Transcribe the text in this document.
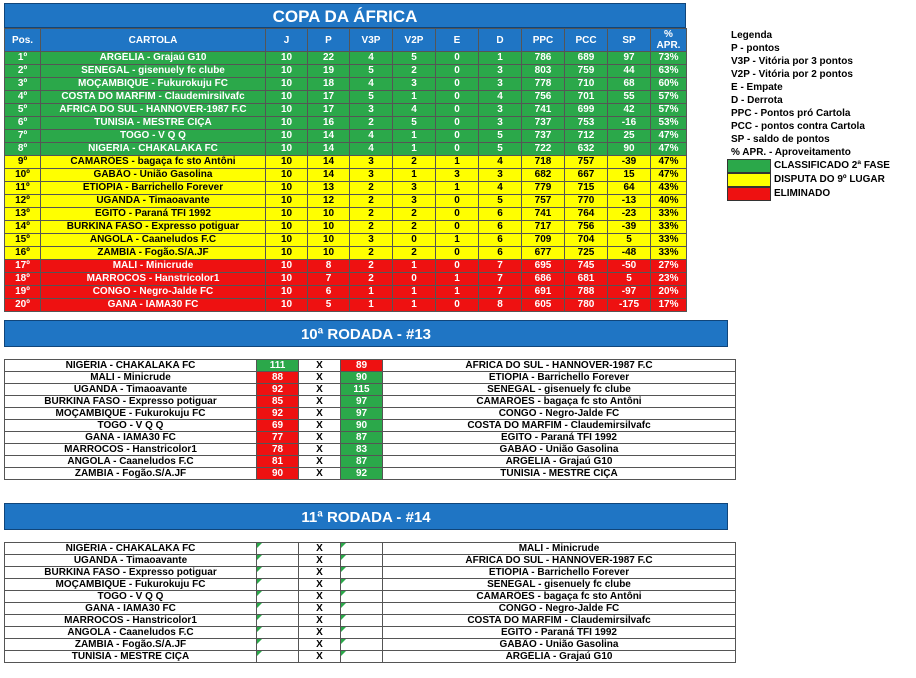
COPA DA ÁFRICA
Pos.	CARTOLA	J	P	V3P	V2P	E	D	PPC	PCC	SP	% APR.
1º	ARGÉLIA - Grajaú G10	10	22	4	5	0	1	786	689	97	73%
2º	SENEGAL - gisenuely fc clube	10	19	5	2	0	3	803	759	44	63%
3º	MOÇAMBIQUE - Fukurokuju FC	10	18	4	3	0	3	778	710	68	60%
4º	COSTA DO MARFIM - Claudemirsilvafc	10	17	5	1	0	4	756	701	55	57%
5º	ÁFRICA DO SUL - HANNOVER-1987 F.C	10	17	3	4	0	3	741	699	42	57%
6º	TUNÍSIA - MESTRE CIÇA	10	16	2	5	0	3	737	753	-16	53%
7º	TOGO - V Q Q	10	14	4	1	0	5	737	712	25	47%
8º	NIGÉRIA - CHAKALAKA FC	10	14	4	1	0	5	722	632	90	47%
9º	CAMARÕES - bagaça fc sto Antôni	10	14	3	2	1	4	718	757	-39	47%
10º	GABÃO - União Gasolina	10	14	3	1	3	3	682	667	15	47%
11º	ETIÓPIA - Barrichello Forever	10	13	2	3	1	4	779	715	64	43%
12º	UGANDA - Timaoavante	10	12	2	3	0	5	757	770	-13	40%
13º	EGITO - Paraná TFI 1992	10	10	2	2	0	6	741	764	-23	33%
14º	BURKINA FASO - Expresso potiguar	10	10	2	2	0	6	717	756	-39	33%
15º	ANGOLA - Caaneludos F.C	10	10	3	0	1	6	709	704	5	33%
16º	ZAMBIA - Fogão.S/A.JF	10	10	2	2	0	6	677	725	-48	33%
17º	MALI - Minicrude	10	8	2	1	0	7	695	745	-50	27%
18º	MARROCOS - Hanstricolor1	10	7	2	0	1	7	686	681	5	23%
19º	CONGO - Negro-Jalde FC	10	6	1	1	1	7	691	788	-97	20%
20º	GANA - IAMA30 FC	10	5	1	1	0	8	605	780	-175	17%
Legenda
P - pontos
V3P - Vitória por 3 pontos
V2P - Vitória por 2 pontos
E - Empate
D - Derrota
PPC - Pontos pró Cartola
PCC - pontos contra Cartola
SP - saldo de pontos
% APR. - Aproveitamento
CLASSIFICADO 2ª FASE
DISPUTA DO 9º LUGAR
ELIMINADO
10ª RODADA - #13
NIGÉRIA - CHAKALAKA FC	111	X	89	ÁFRICA DO SUL - HANNOVER-1987 F.C
MALI - Minicrude	88	X	90	ETIÓPIA - Barrichello Forever
UGANDA - Timaoavante	92	X	115	SENEGAL - gisenuely fc clube
BURKINA FASO - Expresso potiguar	85	X	97	CAMARÕES - bagaça fc sto Antôni
MOÇAMBIQUE - Fukurokuju FC	92	X	97	CONGO - Negro-Jalde FC
TOGO - V Q Q	69	X	90	COSTA DO MARFIM - Claudemirsilvafc
GANA - IAMA30 FC	77	X	87	EGITO - Paraná TFI 1992
MARROCOS - Hanstricolor1	78	X	83	GABÃO - União Gasolina
ANGOLA - Caaneludos F.C	81	X	87	ARGÉLIA - Grajaú G10
ZAMBIA - Fogão.S/A.JF	90	X	92	TUNÍSIA - MESTRE CIÇA
11ª RODADA - #14
NIGÉRIA - CHAKALAKA FC		X		MALI - Minicrude
UGANDA - Timaoavante		X		ÁFRICA DO SUL - HANNOVER-1987 F.C
BURKINA FASO - Expresso potiguar		X		ETIÓPIA - Barrichello Forever
MOÇAMBIQUE - Fukurokuju FC		X		SENEGAL - gisenuely fc clube
TOGO - V Q Q		X		CAMARÕES - bagaça fc sto Antôni
GANA - IAMA30 FC		X		CONGO - Negro-Jalde FC
MARROCOS - Hanstricolor1		X		COSTA DO MARFIM - Claudemirsilvafc
ANGOLA - Caaneludos F.C		X		EGITO - Paraná TFI 1992
ZAMBIA - Fogão.S/A.JF		X		GABÃO - União Gasolina
TUNÍSIA - MESTRE CIÇA		X		ARGÉLIA - Grajaú G10
